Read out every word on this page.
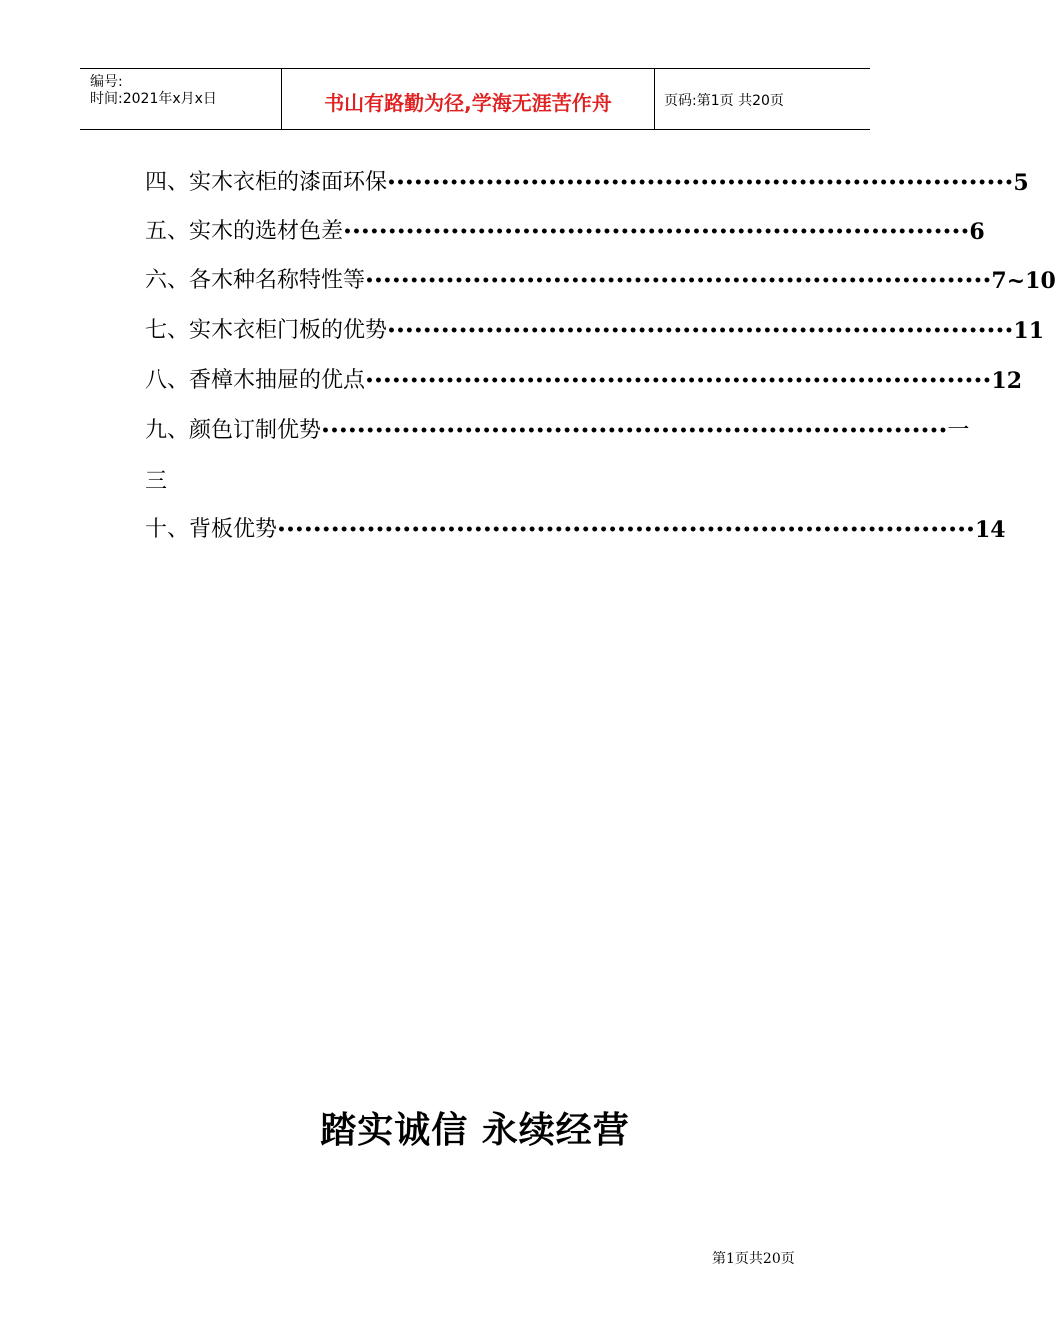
编号:
时间:2021年x月x日	书山有路勤为径,学海无涯苦作舟	页码:第1页 共20页
四、实木衣柜的漆面环保 •••••••••••••••••••••••••••••••••••••••••••••••••••••••••••••••••••••• 5
五、实木的选材色差 •••••••••••••••••••••••••••••••••••••••••••••••••••••••••••••••••••••• 6
六、各木种名称特性等 •••••••••••••••••••••••••••••••••••••••••••••••••••••••••••••••••••••• 7~10
七、实木衣柜门板的优势 •••••••••••••••••••••••••••••••••••••••••••••••••••••••••••••••••••••• 11
八、香樟木抽屉的优点 •••••••••••••••••••••••••••••••••••••••••••••••••••••••••••••••••••••• 12
九、颜色订制优势 •••••••••••••••••••••••••••••••••••••••••••••••••••••••••••••••••••••• 一
三
十、背板优势 •••••••••••••••••••••••••••••••••••••••••••••••••••••••••••••••••••••••••••••• 14
踏实诚信 永续经营
第1页共20页
